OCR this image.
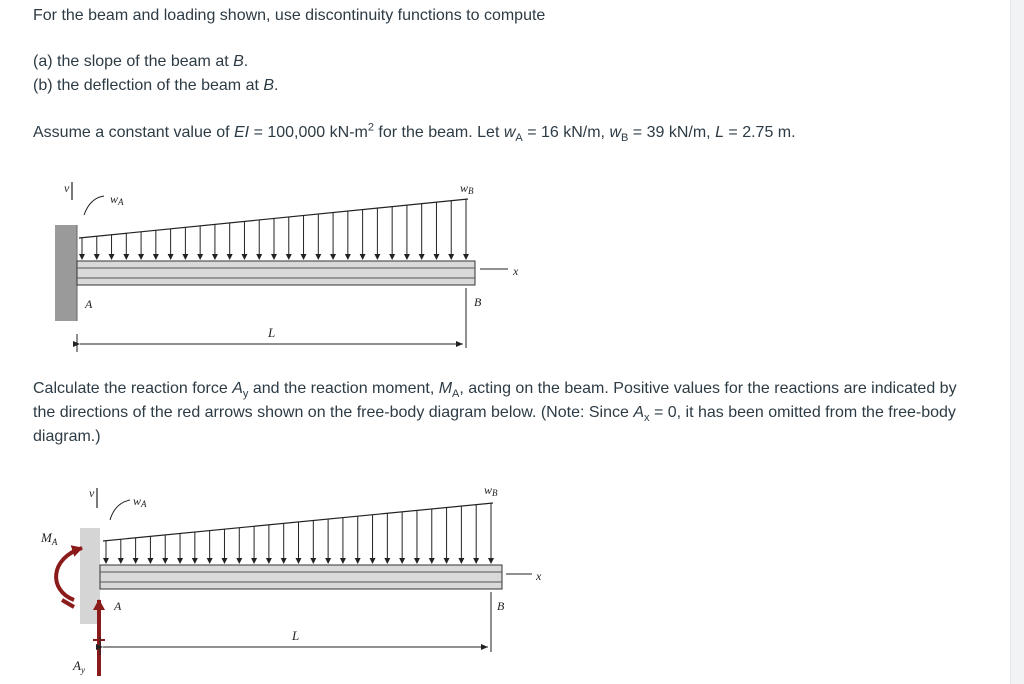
For the beam and loading shown, use discontinuity functions to compute

(a) the slope of the beam at B.

(b) the deflection of the beam at B.

Assume a constant value of EI = 100,000 $kN-m^2$ for the beam. Let $w_A = 16$ kN/m, $w_B = 39$ kN/m, L = 2.75 m.

v
wA
wB
x
A	B
L

Calculate the reaction force $A_y$ and the reaction moment, $M_A$, acting on the beam. Positive values for the reactions are indicated by the directions of the red arrows shown on the free-body diagram below. (Note: Since $A_x = 0$, it has been omitted from the free-body diagram.)

v
wA
wB
x
$M_A$
A
$A_y$
B
L
